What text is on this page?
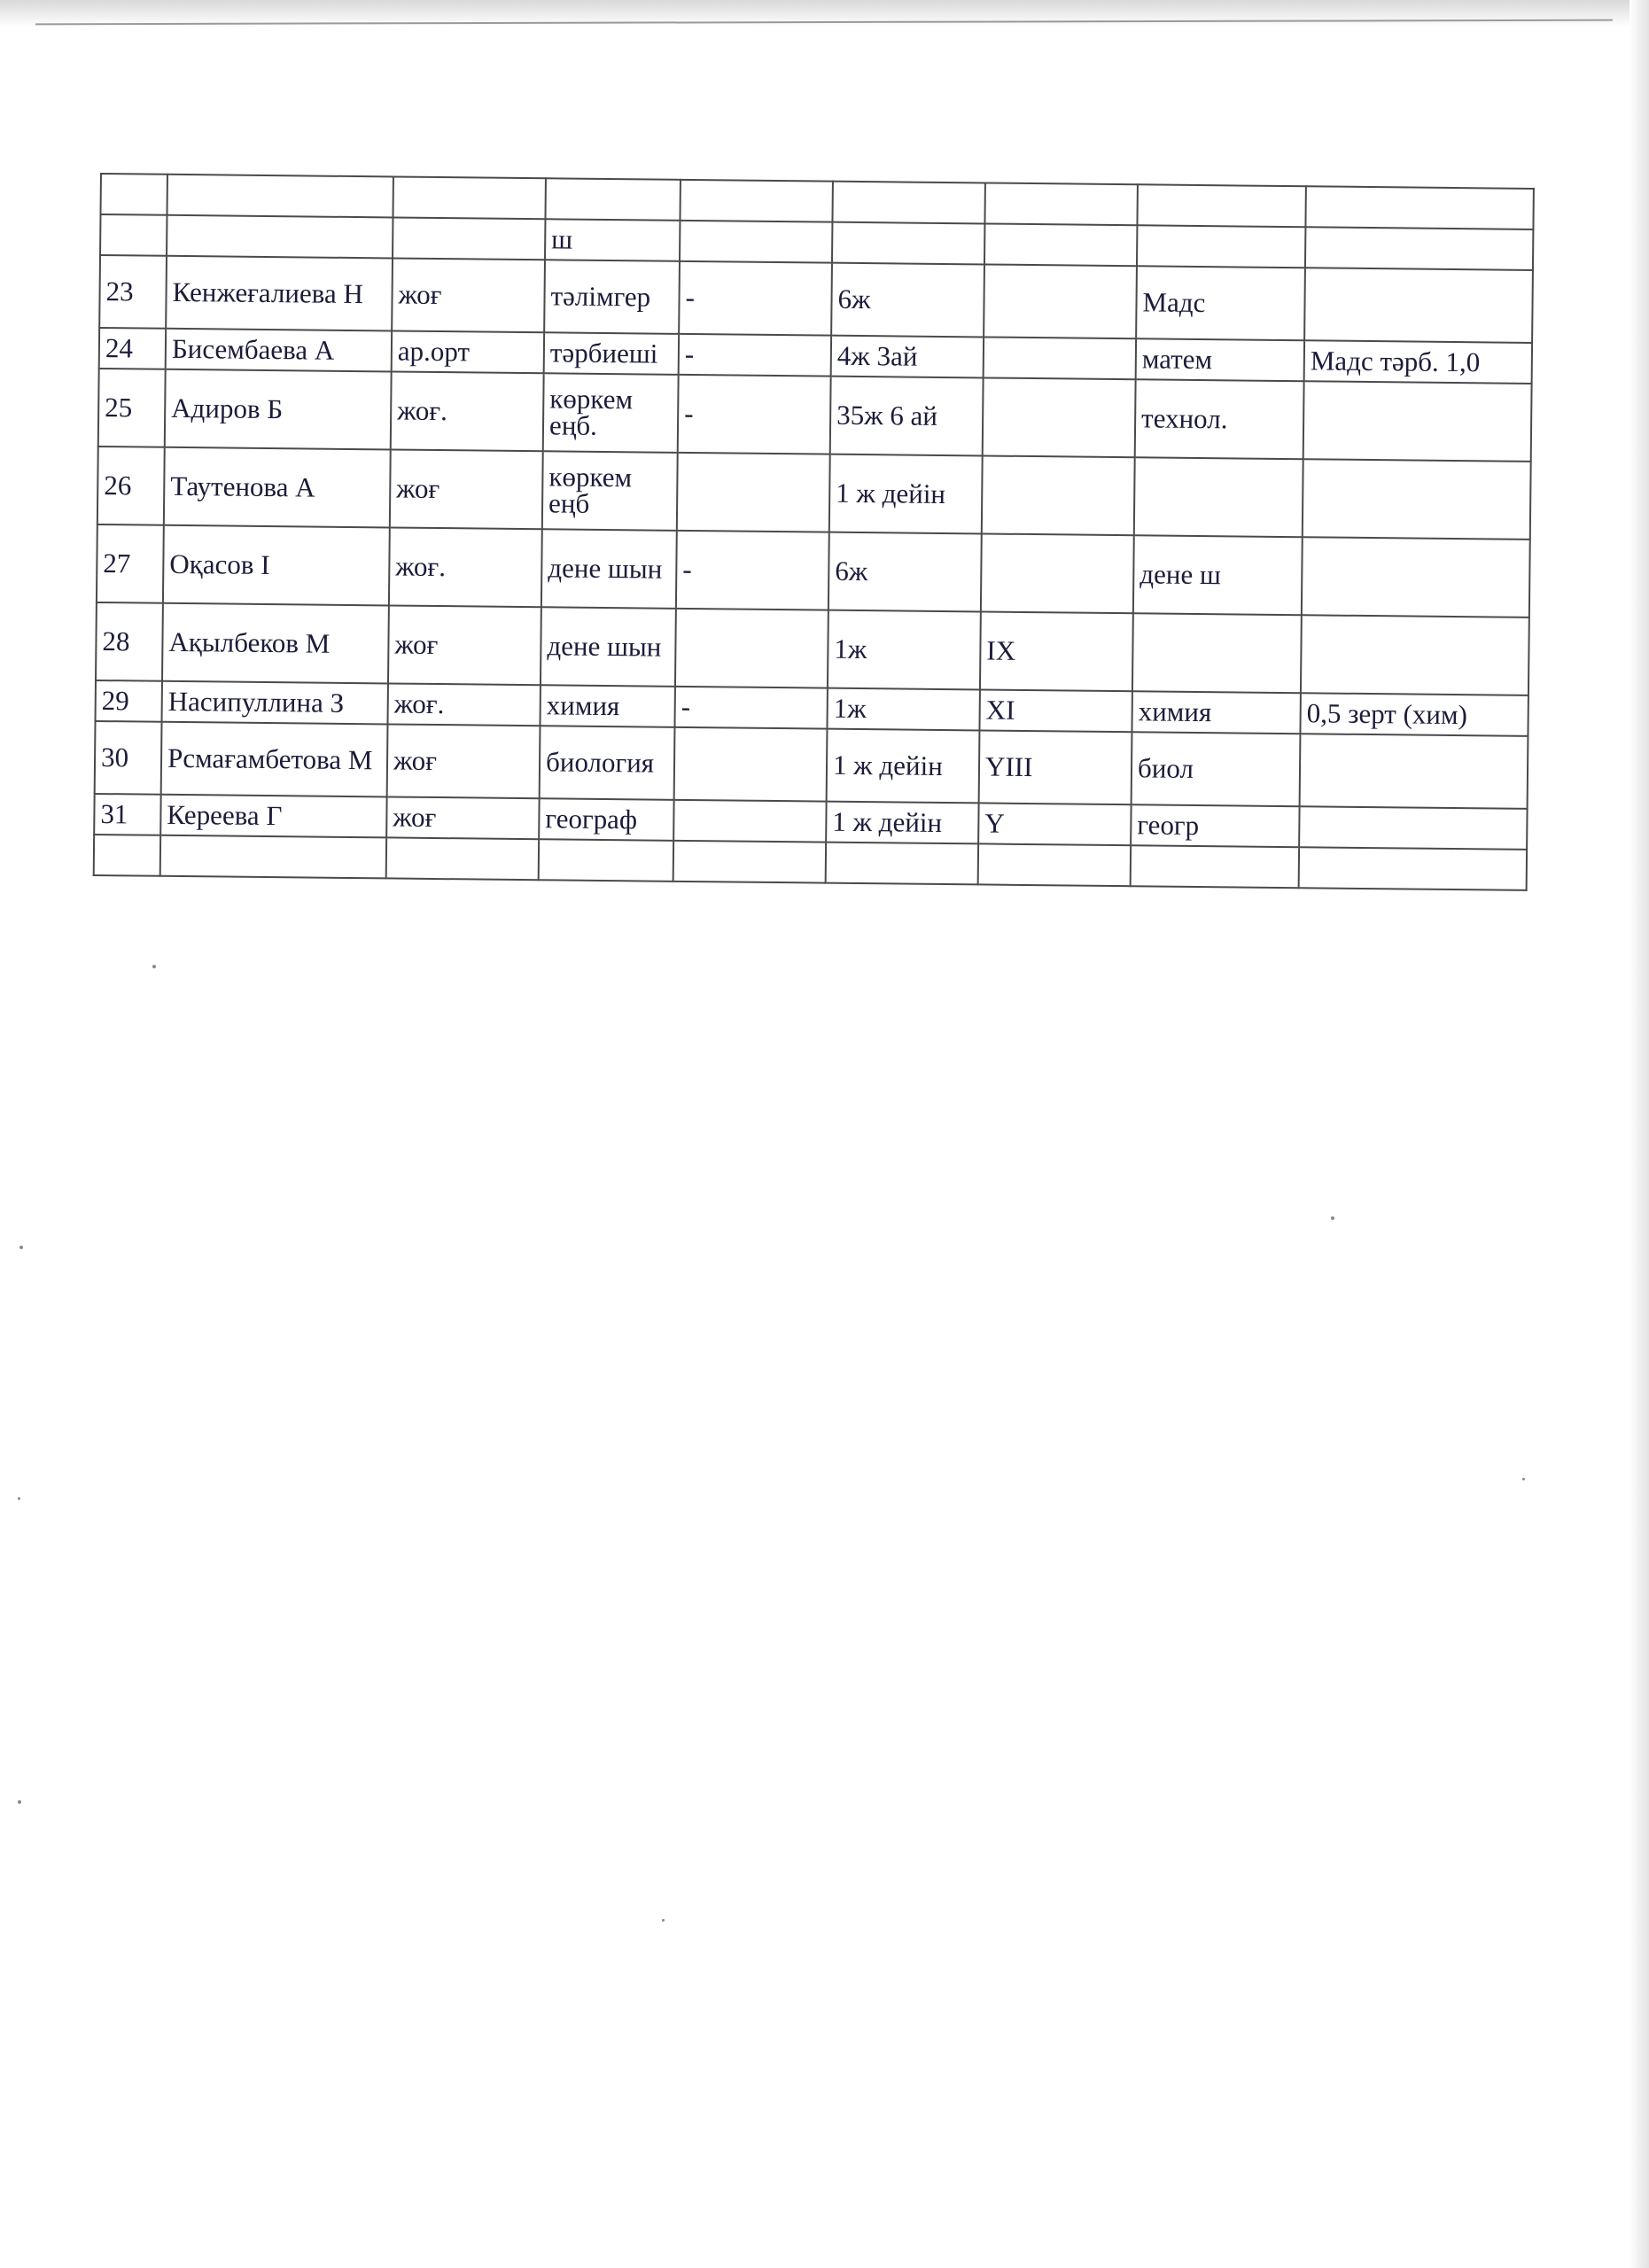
			ш					
23	Кенжеғалиева Н	жоғ	тәлімгер	-	6ж		Мадс	
24	Бисембаева А	ар.орт	тәрбиеші	-	4ж 3ай		матем	Мадс тәрб. 1,0
25	Адиров Б	жоғ.	көркем еңб.	-	35ж 6 ай		технол.	
26	Таутенова А	жоғ	көркем еңб		1 ж дейін			
27	Оқасов І	жоғ.	дене шын	-	6ж		дене ш	
28	Ақылбеков М	жоғ	дене шын		1ж	IX		
29	Насипуллина З	жоғ.	химия	-	1ж	XI	химия	0,5 зерт (хим)
30	Рсмағамбетова М	жоғ	биология		1 ж дейін	YIII	биол	
31	Кереева Г	жоғ	географ		1 ж дейін	Y	геогр	
